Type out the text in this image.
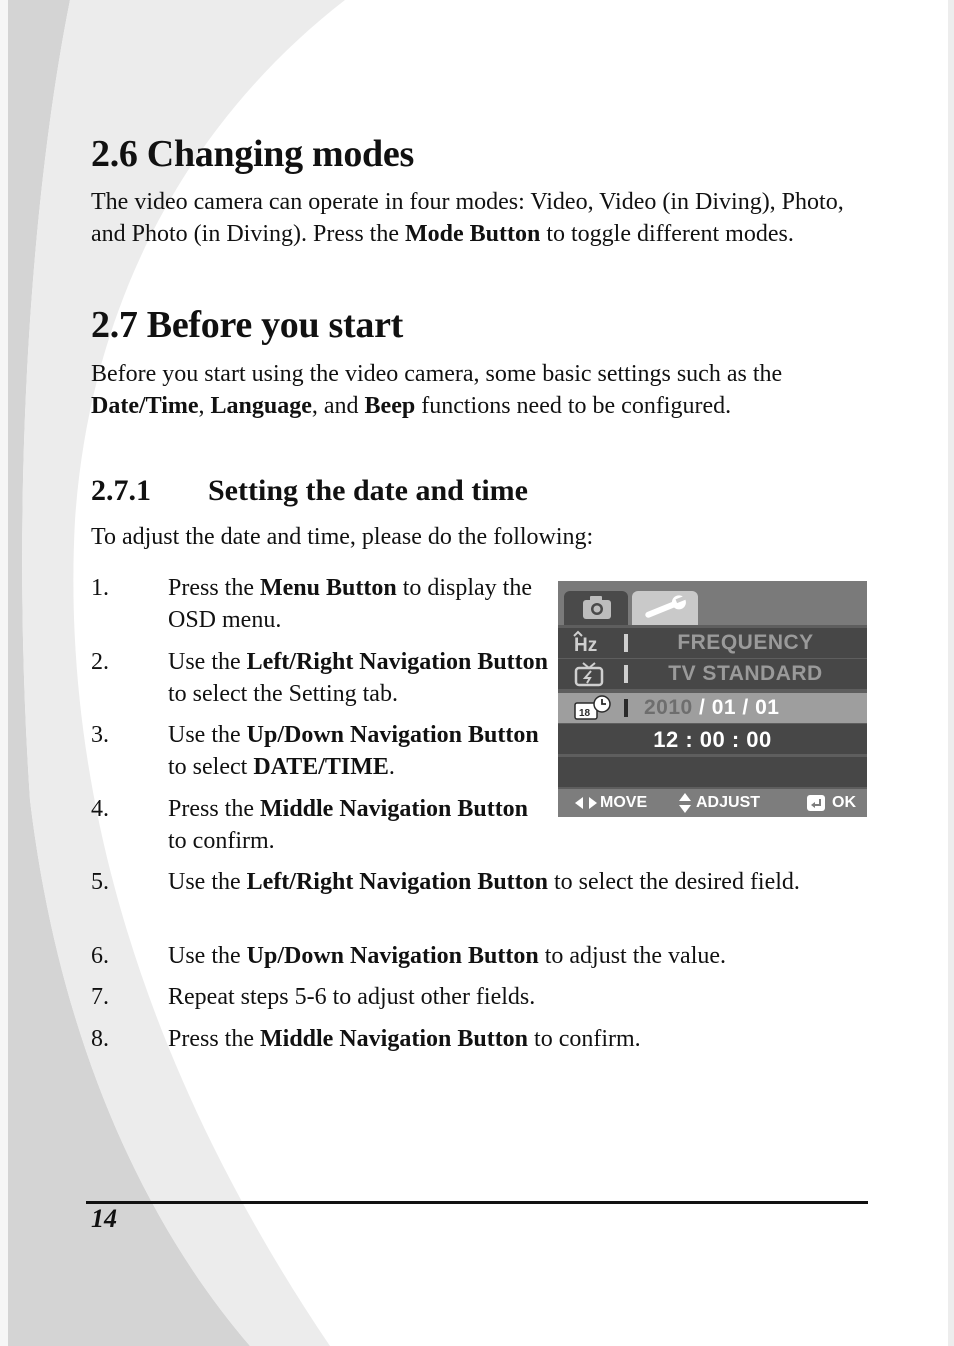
2.6 Changing modes

The video camera can operate in four modes: Video, Video (in Diving), Photo, and Photo (in Diving). Press the Mode Button to toggle different modes.

2.7 Before you start

Before you start using the video camera, some basic settings such as the Date/Time, Language, and Beep functions need to be configured.

2.7.1 Setting the date and time

To adjust the date and time, please do the following:

1.	Press the Menu Button to display the OSD menu.
2.	Use the Left/Right Navigation Button to select the Setting tab.
3.	Use the Up/Down Navigation Button to select DATE/TIME.
4.	Press the Middle Navigation Button to confirm.
5.	Use the Left/Right Navigation Button to select the desired field.
6.	Use the Up/Down Navigation Button to adjust the value.
7.	Repeat steps 5-6 to adjust other fields.
8.	Press the Middle Navigation Button to confirm.
Hz	FREQUENCY
TV STANDARD
18	2010 / 01 / 01
12 : 00 : 00
MOVE	ADJUST	OK
14
